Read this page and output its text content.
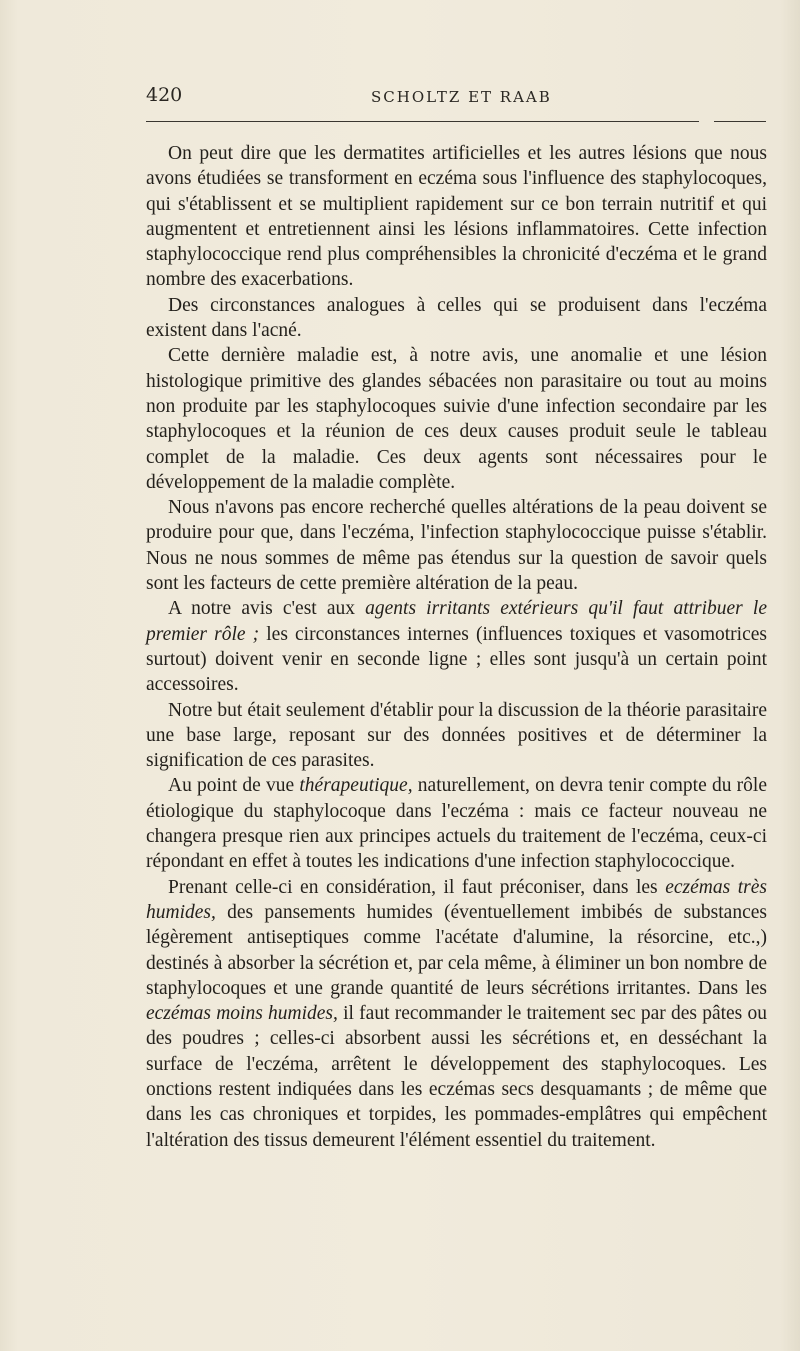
420	SCHOLTZ ET RAAB

On peut dire que les dermatites artificielles et les autres lésions que nous avons étudiées se transforment en eczéma sous l'influence des staphylocoques, qui s'établissent et se multiplient rapidement sur ce bon terrain nutritif et qui augmentent et entretiennent ainsi les lésions inflammatoires. Cette infection staphylococcique rend plus compréhensibles la chronicité d'eczéma et le grand nombre des exacerbations.

Des circonstances analogues à celles qui se produisent dans l'eczéma existent dans l'acné.

Cette dernière maladie est, à notre avis, une anomalie et une lésion histologique primitive des glandes sébacées non parasitaire ou tout au moins non produite par les staphylocoques suivie d'une infection secondaire par les staphylocoques et la réunion de ces deux causes produit seule le tableau complet de la maladie. Ces deux agents sont nécessaires pour le développement de la maladie complète.

Nous n'avons pas encore recherché quelles altérations de la peau doivent se produire pour que, dans l'eczéma, l'infection staphylococcique puisse s'établir. Nous ne nous sommes de même pas étendus sur la question de savoir quels sont les facteurs de cette première altération de la peau.

A notre avis c'est aux agents irritants extérieurs qu'il faut attribuer le premier rôle ; les circonstances internes (influences toxiques et vasomotrices surtout) doivent venir en seconde ligne ; elles sont jusqu'à un certain point accessoires.

Notre but était seulement d'établir pour la discussion de la théorie parasitaire une base large, reposant sur des données positives et de déterminer la signification de ces parasites.

Au point de vue thérapeutique, naturellement, on devra tenir compte du rôle étiologique du staphylocoque dans l'eczéma : mais ce facteur nouveau ne changera presque rien aux principes actuels du traitement de l'eczéma, ceux-ci répondant en effet à toutes les indications d'une infection staphylococcique.

Prenant celle-ci en considération, il faut préconiser, dans les eczémas très humides, des pansements humides (éventuellement imbibés de substances légèrement antiseptiques comme l'acétate d'alumine, la résorcine, etc.,) destinés à absorber la sécrétion et, par cela même, à éliminer un bon nombre de staphylocoques et une grande quantité de leurs sécrétions irritantes. Dans les eczémas moins humides, il faut recommander le traitement sec par des pâtes ou des poudres ; celles-ci absorbent aussi les sécrétions et, en desséchant la surface de l'eczéma, arrêtent le développement des staphylocoques. Les onctions restent indiquées dans les eczémas secs desquamants ; de même que dans les cas chroniques et torpides, les pommades-emplâtres qui empêchent l'altération des tissus demeurent l'élément essentiel du traitement.
